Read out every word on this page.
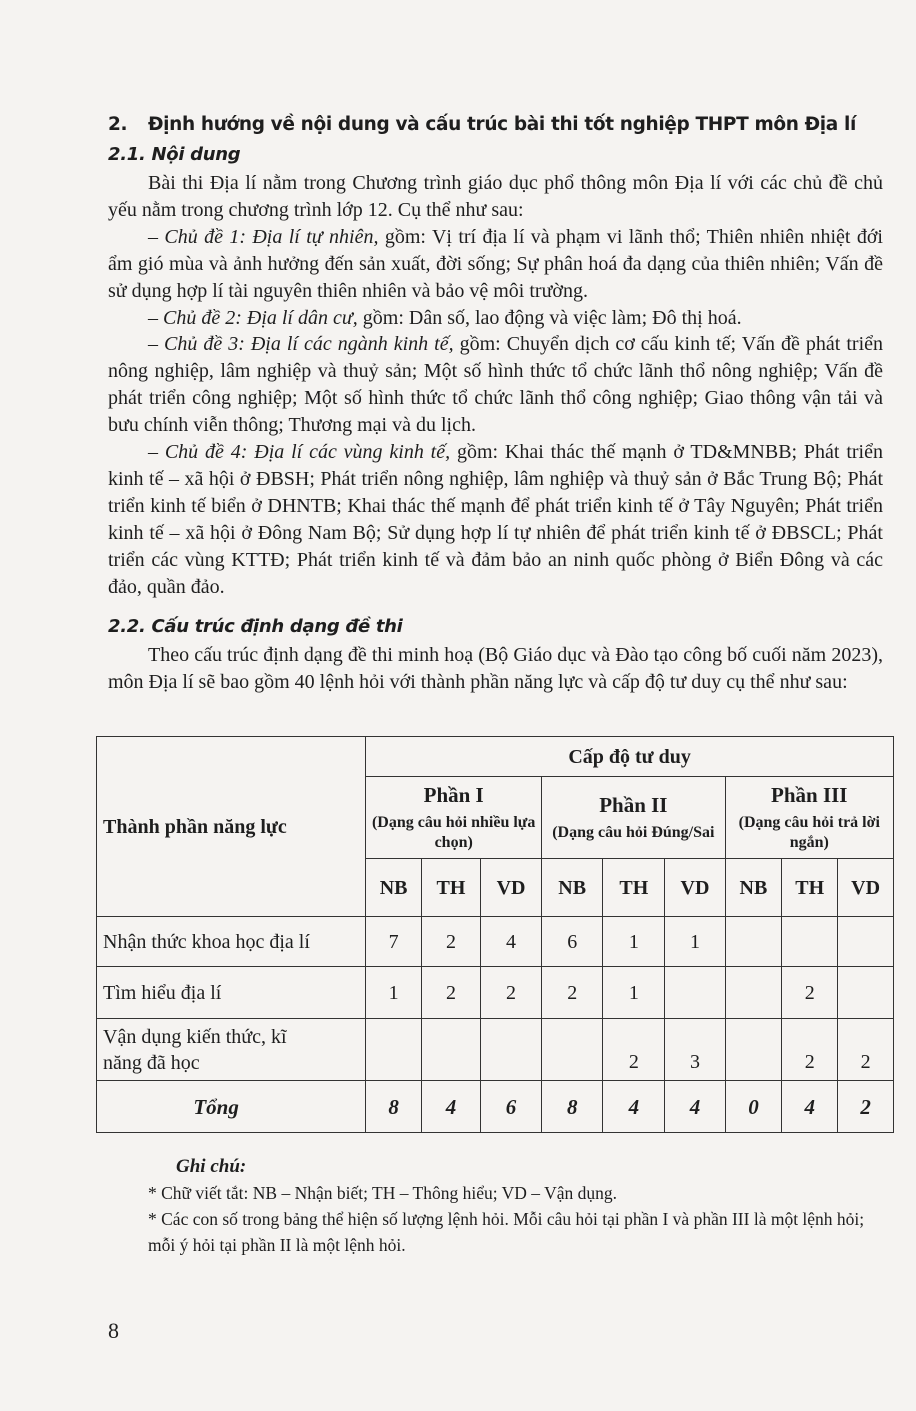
2. Định hướng về nội dung và cấu trúc bài thi tốt nghiệp THPT môn Địa lí
2.1. Nội dung

Bài thi Địa lí nằm trong Chương trình giáo dục phổ thông môn Địa lí với các chủ đề chủ yếu nằm trong chương trình lớp 12. Cụ thể như sau:

– Chủ đề 1: Địa lí tự nhiên, gồm: Vị trí địa lí và phạm vi lãnh thổ; Thiên nhiên nhiệt đới ẩm gió mùa và ảnh hưởng đến sản xuất, đời sống; Sự phân hoá đa dạng của thiên nhiên; Vấn đề sử dụng hợp lí tài nguyên thiên nhiên và bảo vệ môi trường.

– Chủ đề 2: Địa lí dân cư, gồm: Dân số, lao động và việc làm; Đô thị hoá.

– Chủ đề 3: Địa lí các ngành kinh tế, gồm: Chuyển dịch cơ cấu kinh tế; Vấn đề phát triển nông nghiệp, lâm nghiệp và thuỷ sản; Một số hình thức tổ chức lãnh thổ nông nghiệp; Vấn đề phát triển công nghiệp; Một số hình thức tổ chức lãnh thổ công nghiệp; Giao thông vận tải và bưu chính viễn thông; Thương mại và du lịch.

– Chủ đề 4: Địa lí các vùng kinh tế, gồm: Khai thác thế mạnh ở TD&MNBB; Phát triển kinh tế – xã hội ở ĐBSH; Phát triển nông nghiệp, lâm nghiệp và thuỷ sản ở Bắc Trung Bộ; Phát triển kinh tế biển ở DHNTB; Khai thác thế mạnh để phát triển kinh tế ở Tây Nguyên; Phát triển kinh tế – xã hội ở Đông Nam Bộ; Sử dụng hợp lí tự nhiên để phát triển kinh tế ở ĐBSCL; Phát triển các vùng KTTĐ; Phát triển kinh tế và đảm bảo an ninh quốc phòng ở Biển Đông và các đảo, quần đảo.

2.2. Cấu trúc định dạng đề thi

Theo cấu trúc định dạng đề thi minh hoạ (Bộ Giáo dục và Đào tạo công bố cuối năm 2023), môn Địa lí sẽ bao gồm 40 lệnh hỏi với thành phần năng lực và cấp độ tư duy cụ thể như sau:

Thành phần năng lực	Cấp độ tư duy								

	Phần I
(Dạng câu hỏi nhiều lựa chọn)			Phần II
(Dạng câu hỏi Đúng/Sai			Phần III
(Dạng câu hỏi trả lời ngắn)		

	NB	TH	VD	NB	TH	VD	NB	TH	VD
Nhận thức khoa học địa lí	7	2	4	6	1	1			
Tìm hiểu địa lí	1	2	2	2	1			2	
Vận dụng kiến thức, kĩ năng đã học					2	3		2	2
Tổng	8	4	6	8	4	4	0	4	2

Ghi chú:

* Chữ viết tắt: NB – Nhận biết; TH – Thông hiểu; VD – Vận dụng.

* Các con số trong bảng thể hiện số lượng lệnh hỏi. Mỗi câu hỏi tại phần I và phần III là một lệnh hỏi; mỗi ý hỏi tại phần II là một lệnh hỏi.

8
